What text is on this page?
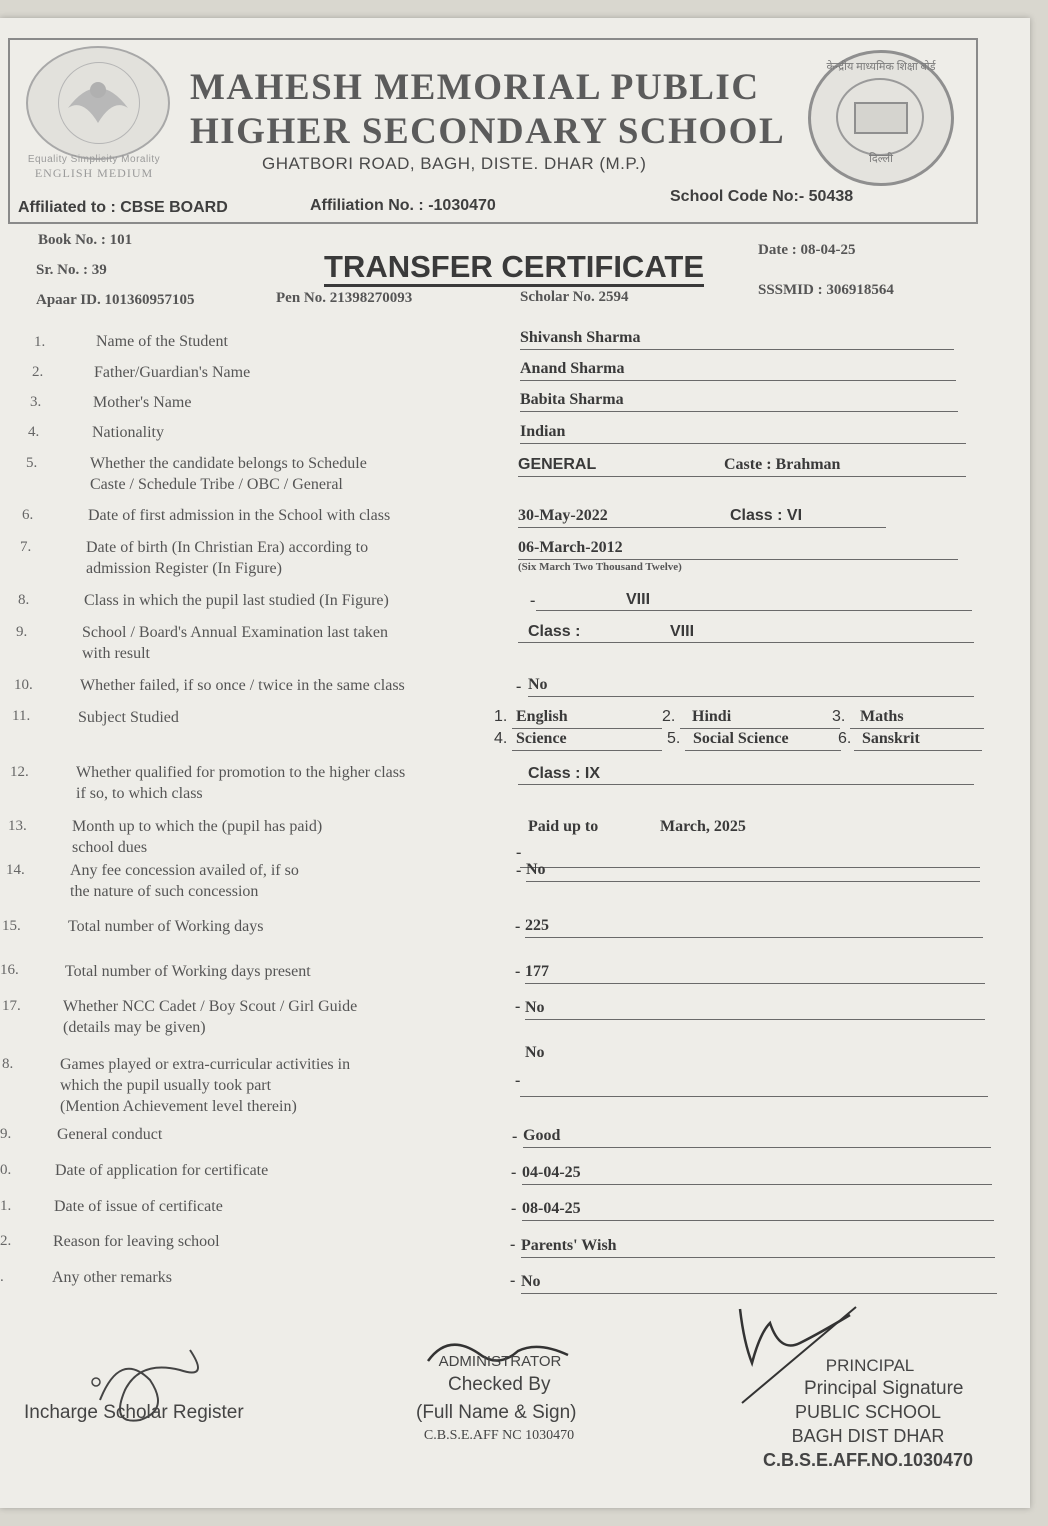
Equality Simplicity Morality
ENGLISH MEDIUM
MAHESH MEMORIAL PUBLIC
HIGHER SECONDARY SCHOOL
GHATBORI ROAD, BAGH, DISTE. DHAR (M.P.)
केन्द्रीय माध्यमिक शिक्षा बोर्ड
दिल्ली
Affiliated to : CBSE BOARD	Affiliation No. : -1030470
School Code No:- 50438
Book No. : 101
Sr. No. : 39	TRANSFER CERTIFICATE	Date : 08-04-25
Apaar ID. 101360957105	Pen No. 21398270093	Scholar No. 2594	SSSMID : 306918564
1.	Name of the Student	Shivansh Sharma
2.	Father/Guardian's Name	Anand Sharma
3.	Mother's Name	Babita Sharma
4.	Nationality	Indian
5.	Whether the candidate belongs to Schedule
Caste / Schedule Tribe / OBC / General
GENERAL	Caste : Brahman
6.	Date of first admission in the School with class	30-May-2022	Class : VI
7.	Date of birth (In Christian Era) according to
admission Register (In Figure)
06-March-2012
(Six March Two Thousand Twelve)
8.	Class in which the pupil last studied (In Figure)	-	VIII
9.	School / Board's Annual Examination last taken
with result
Class :	VIII
10.	Whether failed, if so once / twice in the same class	- No
11.	Subject Studied	1. English	2.	Hindi	3. Maths
4. Science	5. Social Science	6. Sanskrit
12.	Whether qualified for promotion to the higher class
if so, to which class
Class : IX
13.	Month up to which the (pupil has paid)
school dues
Paid up to	March, 2025
-
14.	Any fee concession availed of, if so
the nature of such concession
- No
15.	Total number of Working days	- 225
16.	Total number of Working days present	- 177
17.	Whether NCC Cadet / Boy Scout / Girl Guide
(details may be given)
- No
8.	Games played or extra-curricular activities in
which the pupil usually took part
(Mention Achievement level therein)
No
-
9.	General conduct	- Good
0.	Date of application for certificate	- 04-04-25
1.	Date of issue of certificate	- 08-04-25
2.	Reason for leaving school	- Parents' Wish
.	Any other remarks	- No
Incharge Scholar Register
ADMINISTRATOR
Checked By
(Full Name & Sign)
C.B.S.E.AFF NC 1030470
PRINCIPAL
Principal Signature
PUBLIC SCHOOL
BAGH DIST DHAR
C.B.S.E.AFF.NO.1030470
